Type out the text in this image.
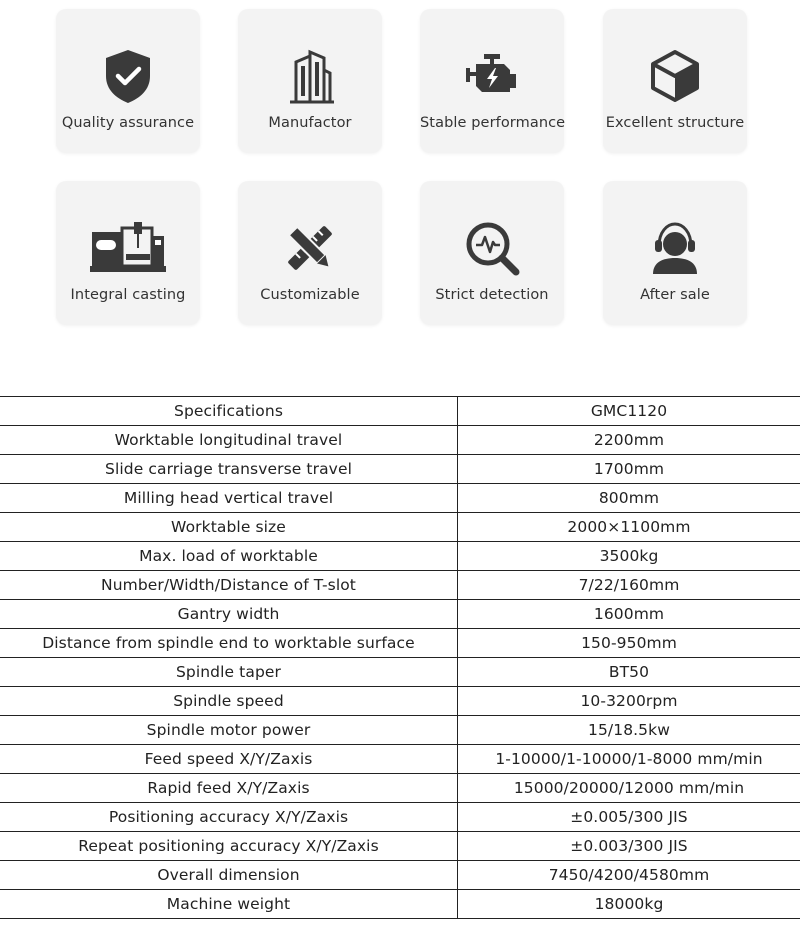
Quality assurance	Manufactor	Stable performance	Excellent structure
Integral casting	Customizable	Strict detection	After sale
Specifications	GMC1120
Worktable longitudinal travel	2200mm
Slide carriage transverse travel	1700mm
Milling head vertical travel	800mm
Worktable size	2000×1100mm
Max. load of worktable	3500kg
Number/Width/Distance of T-slot	7/22/160mm
Gantry width	1600mm
Distance from spindle end to worktable surface	150-950mm
Spindle taper	BT50
Spindle speed	10-3200rpm
Spindle motor power	15/18.5kw
Feed speed X/Y/Zaxis	1-10000/1-10000/1-8000 mm/min
Rapid feed X/Y/Zaxis	15000/20000/12000 mm/min
Positioning accuracy X/Y/Zaxis	±0.005/300 JIS
Repeat positioning accuracy X/Y/Zaxis	±0.003/300 JIS
Overall dimension	7450/4200/4580mm
Machine weight	18000kg
